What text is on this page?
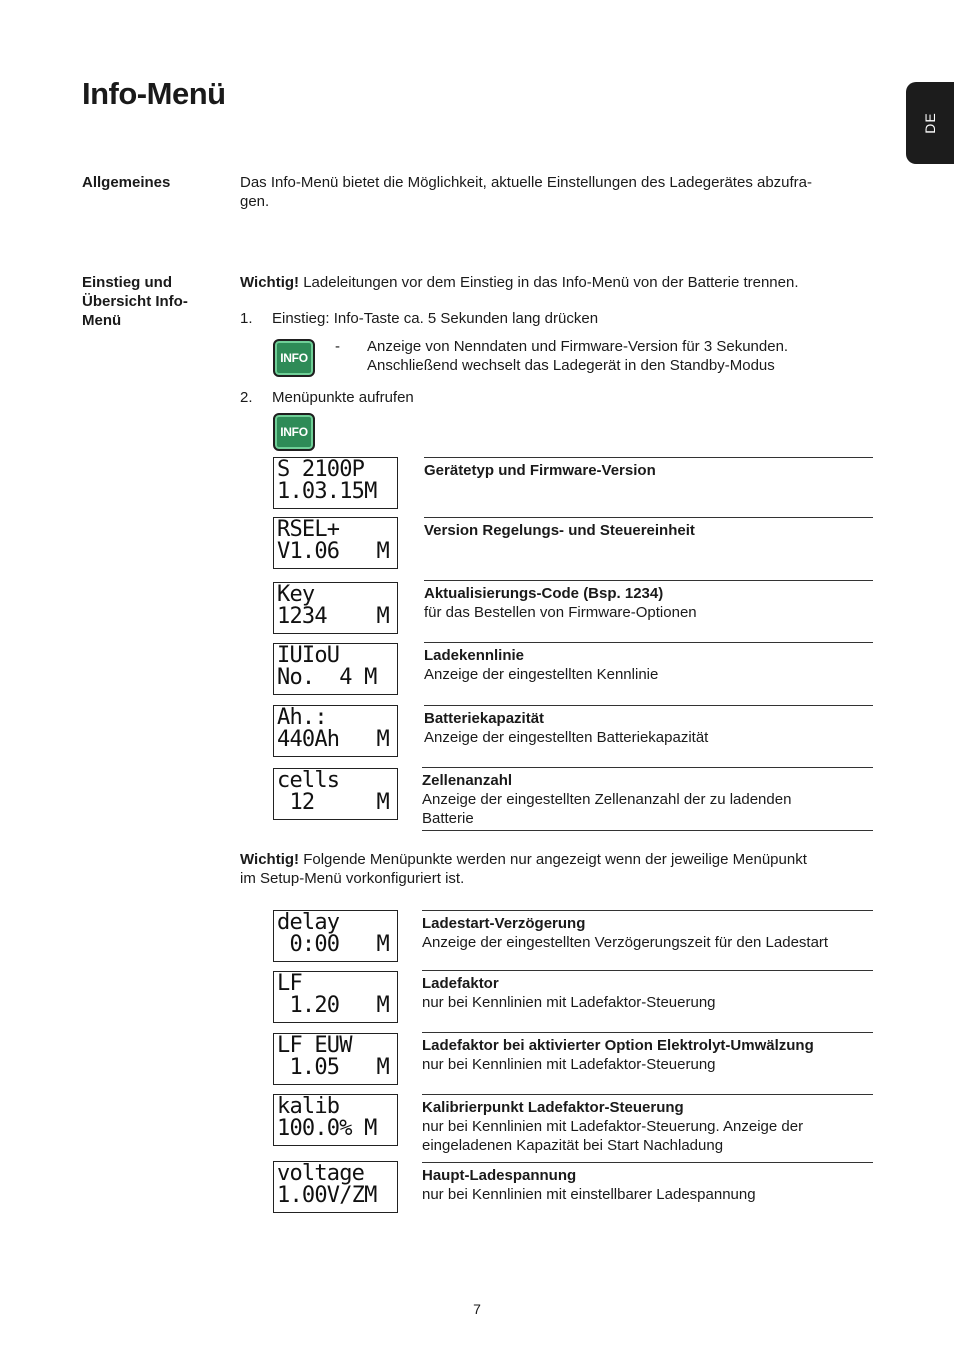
Info-Menü
DE
Allgemeines	Das Info-Menü bietet die Möglichkeit, aktuelle Einstellungen des Ladegerätes abzufra-
gen.
Einstieg und
Übersicht Info-
Menü
Wichtig! Ladeleitungen vor dem Einstieg in das Info-Menü von der Batterie trennen.
1. Einstieg: Info-Taste ca. 5 Sekunden lang drücken
INFO
- Anzeige von Nenndaten und Firmware-Version für 3 Sekunden.
Anschließend wechselt das Ladegerät in den Standby-Modus
2. Menüpunkte aufrufen
INFO
S 2100P
1.03.15M
Gerätetyp und Firmware-Version
RSEL+
V1.06   M
Version Regelungs- und Steuereinheit
Key
1234    M
Aktualisierungs-Code (Bsp. 1234)
für das Bestellen von Firmware-Optionen
IUIoU
No.  4 M
Ladekennlinie
Anzeige der eingestellten Kennlinie
Ah.:
440Ah   M
Batteriekapazität
Anzeige der eingestellten Batteriekapazität
cells
12     M
Zellenanzahl
Anzeige der eingestellten Zellenanzahl der zu ladenden
Batterie
Wichtig! Folgende Menüpunkte werden nur angezeigt wenn der jeweilige Menüpunkt
im Setup-Menü vorkonfiguriert ist.
delay
0:00   M
Ladestart-Verzögerung
Anzeige der eingestellten Verzögerungszeit für den Ladestart
LF
1.20   M
Ladefaktor
nur bei Kennlinien mit Ladefaktor-Steuerung
LF EUW
1.05   M
Ladefaktor bei aktivierter Option Elektrolyt-Umwälzung
nur bei Kennlinien mit Ladefaktor-Steuerung
kalib
100.0% M
Kalibrierpunkt Ladefaktor-Steuerung
nur bei Kennlinien mit Ladefaktor-Steuerung. Anzeige der
eingeladenen Kapazität bei Start Nachladung
voltage
1.00V/ZM
Haupt-Ladespannung
nur bei Kennlinien mit einstellbarer Ladespannung
7
